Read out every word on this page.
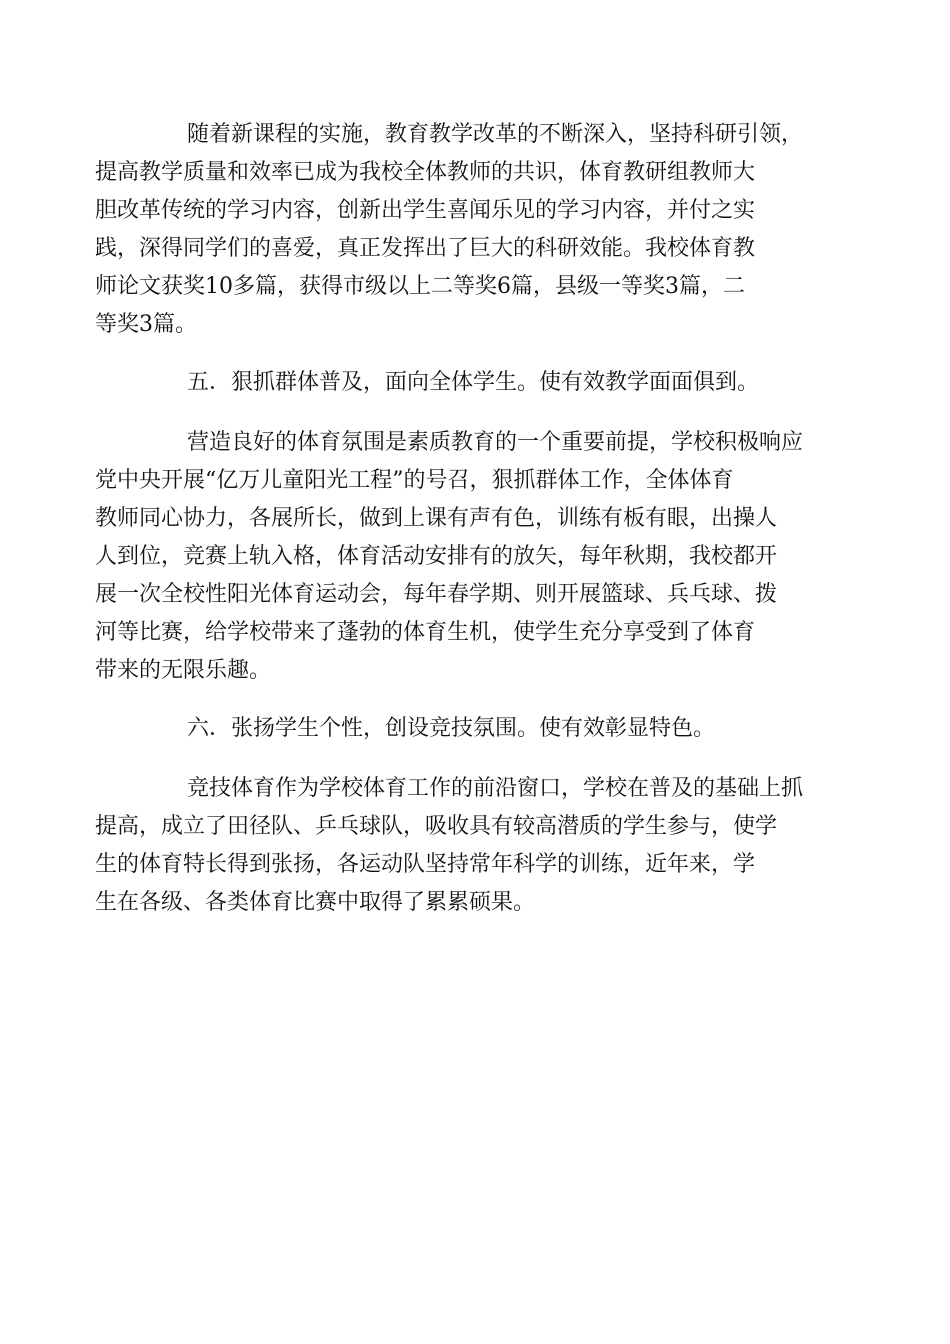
随着新课程的实施，教育教学改革的不断深入，坚持科研引领，
提高教学质量和效率已成为我校全体教师的共识，体育教研组教师大
胆改革传统的学习内容，创新出学生喜闻乐见的学习内容，并付之实
践，深得同学们的喜爱，真正发挥出了巨大的科研效能。我校体育教
师论文获奖10多篇，获得市级以上二等奖6篇，县级一等奖3篇，二
等奖3篇。

五．狠抓群体普及，面向全体学生。使有效教学面面俱到。

营造良好的体育氛围是素质教育的一个重要前提，学校积极响应
党中央开展“亿万儿童阳光工程”的号召，狠抓群体工作，全体体育
教师同心协力，各展所长，做到上课有声有色，训练有板有眼，出操人
人到位，竞赛上轨入格，体育活动安排有的放矢，每年秋期，我校都开
展一次全校性阳光体育运动会，每年春学期、则开展篮球、兵乓球、拨
河等比赛，给学校带来了蓬勃的体育生机，使学生充分享受到了体育
带来的无限乐趣。

六．张扬学生个性，创设竞技氛围。使有效彰显特色。

竞技体育作为学校体育工作的前沿窗口，学校在普及的基础上抓
提高，成立了田径队、乒乓球队，吸收具有较高潜质的学生参与，使学
生的体育特长得到张扬，各运动队坚持常年科学的训练，近年来，学
生在各级、各类体育比赛中取得了累累硕果。
